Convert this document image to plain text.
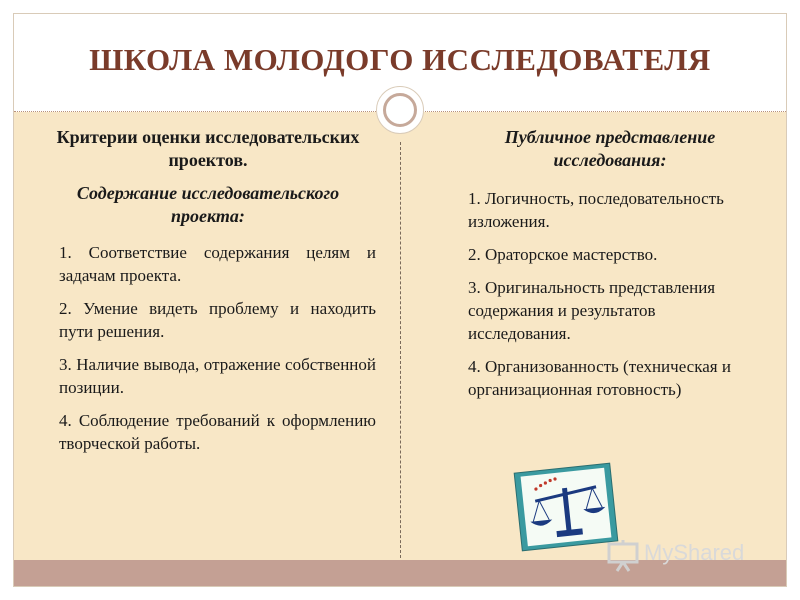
ШКОЛА МОЛОДОГО ИССЛЕДОВАТЕЛЯ

Критерии оценки исследовательских проектов.

Содержание исследовательского проекта:

1. Соответствие содержания целям и задачам проекта.

2. Умение видеть проблему и находить пути решения.

3. Наличие вывода, отражение собственной позиции.

4. Соблюдение требований к оформлению творческой работы.

Публичное представление исследования:

1. Логичность, последовательность изложения.

2. Ораторское мастерство.

3. Оригинальность представления содержания и результатов исследования.

4. Организованность (техническая и организационная готовность)

MyShared
